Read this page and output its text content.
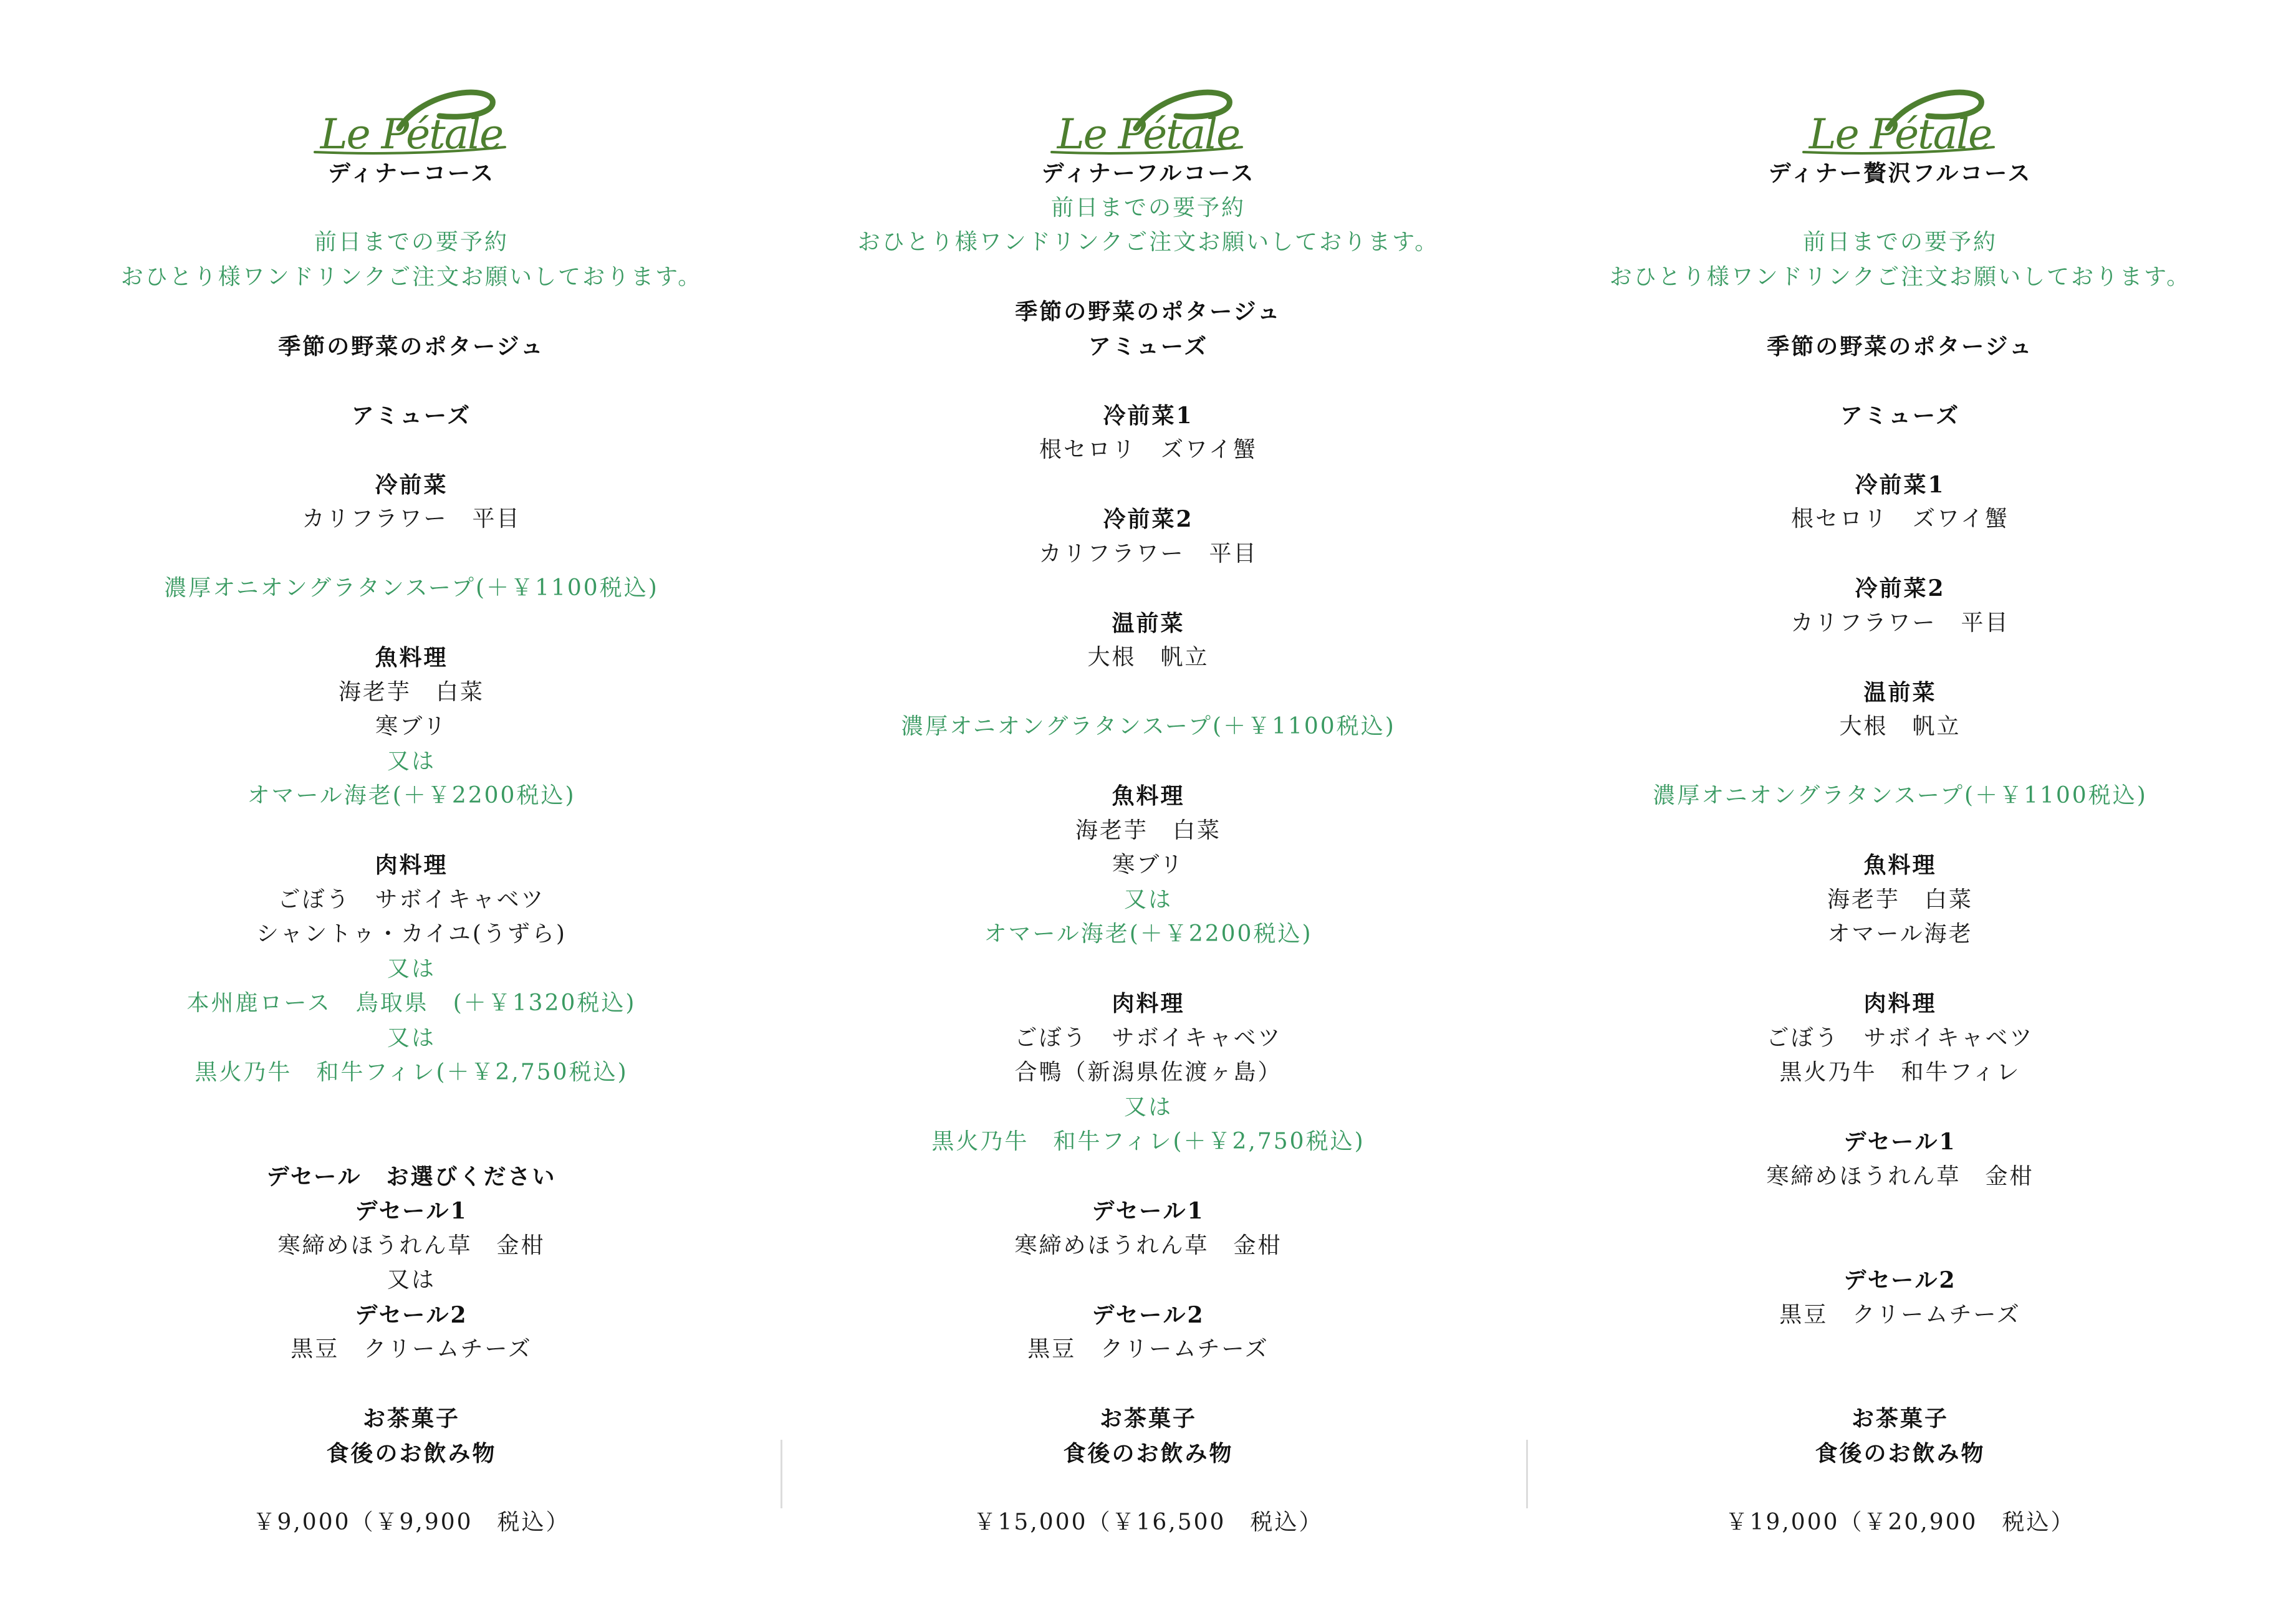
Le Pétale
ディナーコース
前日までの要予約
おひとり様ワンドリンクご注文お願いしております。
季節の野菜のポタージュ
アミューズ
冷前菜
カリフラワー　平目
濃厚オニオングラタンスープ(＋￥1100税込)
魚料理
海老芋　白菜
寒ブリ
又は
オマール海老(＋￥2200税込)
肉料理
ごぼう　サボイキャベツ
シャントゥ・カイユ(うずら)
又は
本州鹿ロース　鳥取県　(＋￥1320税込)
又は
黒火乃牛　和牛フィレ(＋￥2,750税込)
デセール　お選びください
デセール1
寒締めほうれん草　金柑
又は
デセール2
黒豆　クリームチーズ
お茶菓子
食後のお飲み物
￥9,000（￥9,900　税込）
Le Pétale
ディナーフルコース
前日までの要予約
おひとり様ワンドリンクご注文お願いしております。
季節の野菜のポタージュ
アミューズ
冷前菜1
根セロリ　ズワイ蟹
冷前菜2
カリフラワー　平目
温前菜
大根　帆立
濃厚オニオングラタンスープ(＋￥1100税込)
魚料理
海老芋　白菜
寒ブリ
又は
オマール海老(＋￥2200税込)
肉料理
ごぼう　サボイキャベツ
合鴨（新潟県佐渡ヶ島）
又は
黒火乃牛　和牛フィレ(＋￥2,750税込)
デセール1
寒締めほうれん草　金柑
デセール2
黒豆　クリームチーズ
お茶菓子
食後のお飲み物
￥15,000（￥16,500　税込）
Le Pétale
ディナー贅沢フルコース
前日までの要予約
おひとり様ワンドリンクご注文お願いしております。
季節の野菜のポタージュ
アミューズ
冷前菜1
根セロリ　ズワイ蟹
冷前菜2
カリフラワー　平目
温前菜
大根　帆立
濃厚オニオングラタンスープ(＋￥1100税込)
魚料理
海老芋　白菜
オマール海老
肉料理
ごぼう　サボイキャベツ
黒火乃牛　和牛フィレ
デセール1
寒締めほうれん草　金柑
デセール2
黒豆　クリームチーズ
お茶菓子
食後のお飲み物
￥19,000（￥20,900　税込）
